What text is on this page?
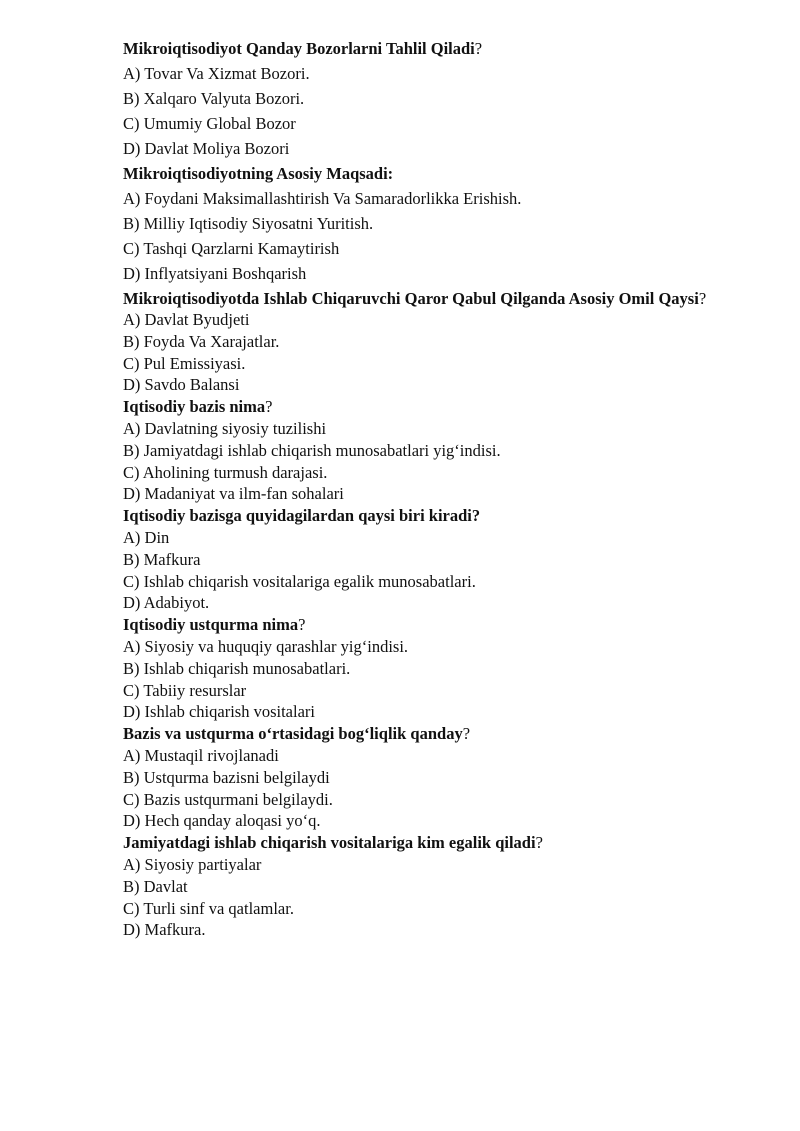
Mikroiqtisodiyot Qanday Bozorlarni Tahlil Qiladi?

A) Tovar Va Xizmat Bozori.

B) Xalqaro Valyuta Bozori.

C) Umumiy Global Bozor

D) Davlat Moliya Bozori

Mikroiqtisodiyotning Asosiy Maqsadi:

A) Foydani Maksimallashtirish Va Samaradorlikka Erishish.

B) Milliy Iqtisodiy Siyosatni Yuritish.

C) Tashqi Qarzlarni Kamaytirish

D) Inflyatsiyani Boshqarish

Mikroiqtisodiyotda Ishlab Chiqaruvchi Qaror Qabul Qilganda Asosiy Omil Qaysi?

A) Davlat Byudjeti

B) Foyda Va Xarajatlar.

C) Pul Emissiyasi.

D) Savdo Balansi

Iqtisodiy bazis nima?

A) Davlatning siyosiy tuzilishi

B) Jamiyatdagi ishlab chiqarish munosabatlari yig‘indisi.

C) Aholining turmush darajasi.

D) Madaniyat va ilm-fan sohalari

Iqtisodiy bazisga quyidagilardan qaysi biri kiradi?

A) Din

B) Mafkura

C) Ishlab chiqarish vositalariga egalik munosabatlari.

D) Adabiyot.

Iqtisodiy ustqurma nima?

A) Siyosiy va huquqiy qarashlar yig‘indisi.

B) Ishlab chiqarish munosabatlari.

C) Tabiiy resurslar

D) Ishlab chiqarish vositalari

Bazis va ustqurma o‘rtasidagi bog‘liqlik qanday?

A) Mustaqil rivojlanadi

B) Ustqurma bazisni belgilaydi

C) Bazis ustqurmani belgilaydi.

D) Hech qanday aloqasi yo‘q.

Jamiyatdagi ishlab chiqarish vositalariga kim egalik qiladi?

A) Siyosiy partiyalar

B) Davlat

C) Turli sinf va qatlamlar.

D) Mafkura.
